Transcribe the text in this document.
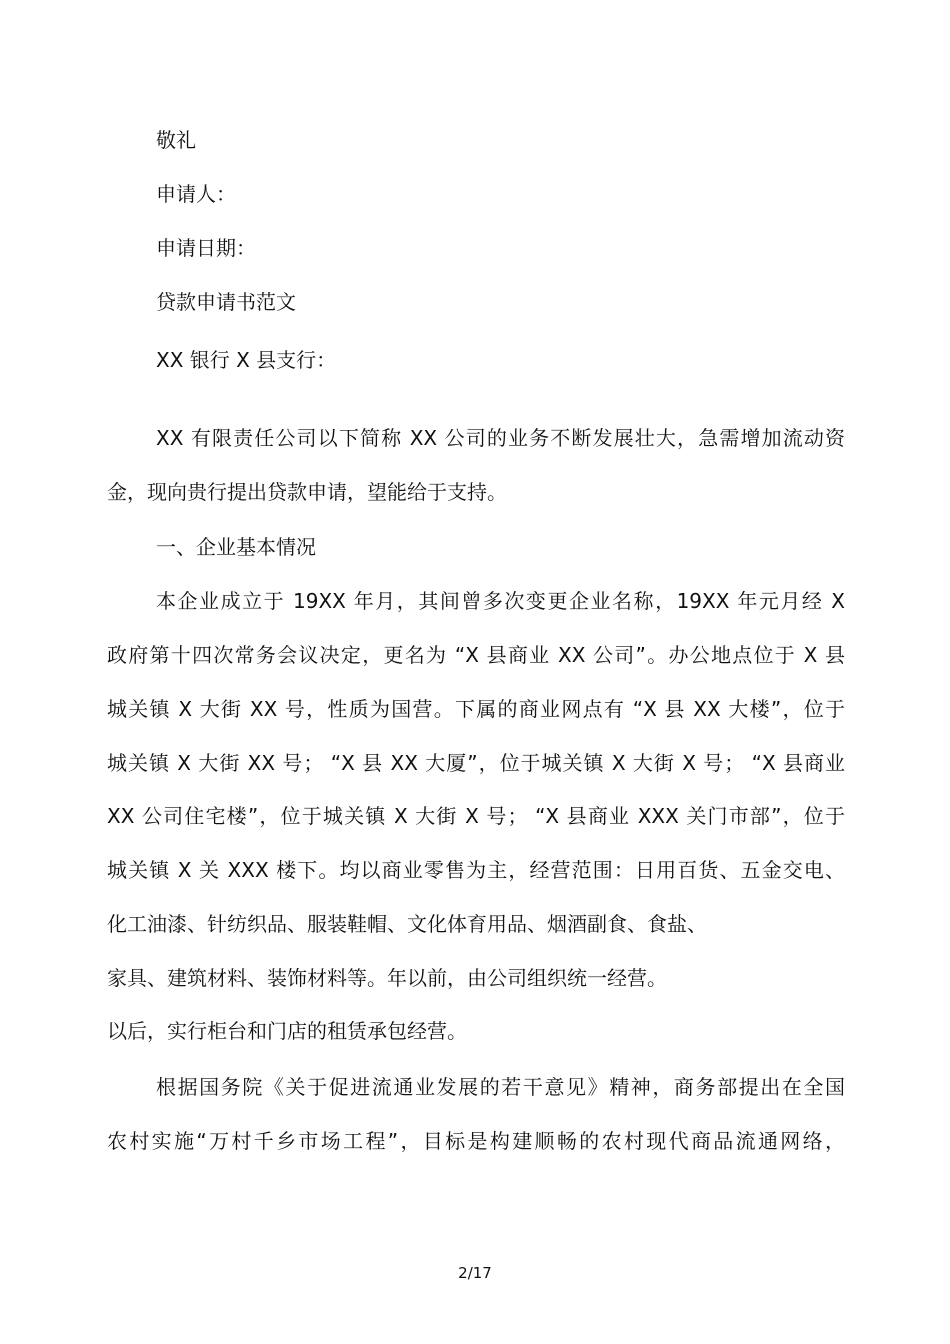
敬礼
申请人：
申请日期：
贷款申请书范文
XX 银行 X 县支行：
XX 有限责任公司以下简称 XX 公司的业务不断发展壮大，急需增加流动资
金，现向贵行提出贷款申请，望能给于支持。
一、企业基本情况
本企业成立于 19XX 年月，其间曾多次变更企业名称，19XX 年元月经 X
政府第十四次常务会议决定，更名为 “X 县商业 XX 公司”。办公地点位于 X 县
城关镇 X 大街 XX 号，性质为国营。下属的商业网点有 “X 县 XX 大楼”，位于
城关镇 X 大街 XX 号； “X 县 XX 大厦”，位于城关镇 X 大街 X 号； “X 县商业
XX 公司住宅楼”，位于城关镇 X 大街 X 号； “X 县商业 XXX 关门市部”，位于
城关镇 X 关 XXX 楼下。均以商业零售为主，经营范围：日用百货、五金交电、
化工油漆、针纺织品、服装鞋帽、文化体育用品、烟酒副食、食盐、
家具、建筑材料、装饰材料等。年以前，由公司组织统一经营。
以后，实行柜台和门店的租赁承包经营。
根据国务院《关于促进流通业发展的若干意见》精神，商务部提出在全国
农村实施“万村千乡市场工程”，目标是构建顺畅的农村现代商品流通网络，
2/17
